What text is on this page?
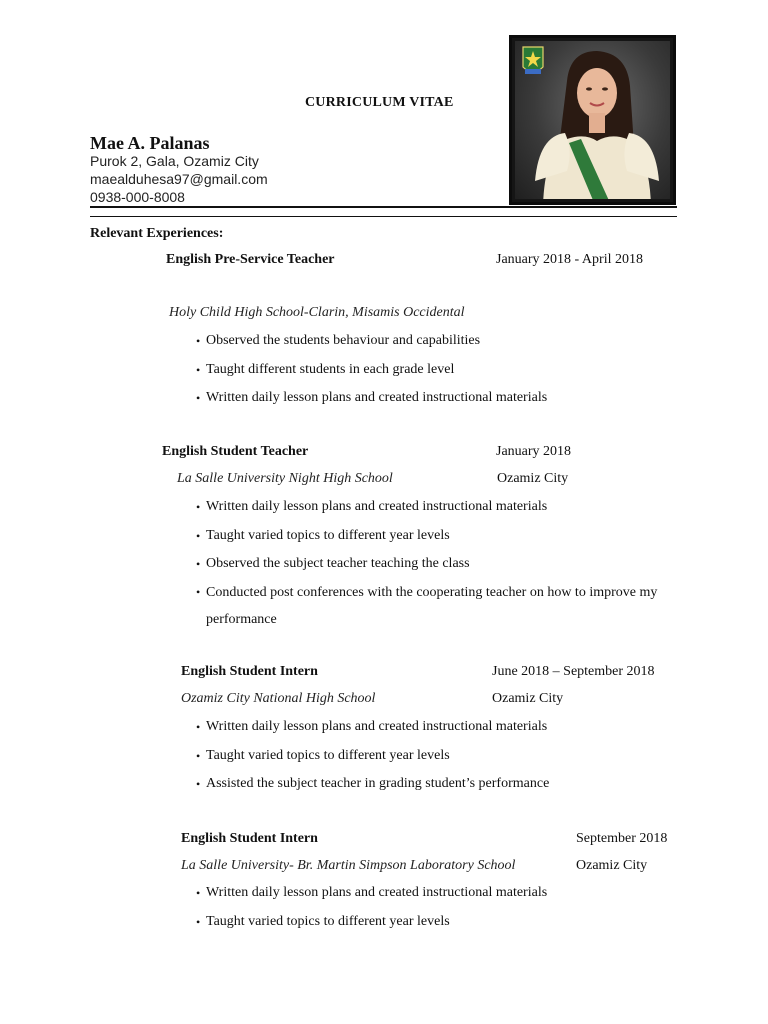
CURRICULUM VITAE
Mae A. Palanas
Purok 2, Gala, Ozamiz City
maealduhesa97@gmail.com
0938-000-8008
Relevant Experiences:
English Pre-Service Teacher	January 2018 - April 2018
Holy Child High School-Clarin, Misamis Occidental
• Observed the students behaviour and capabilities
• Taught different students in each grade level
• Written daily lesson plans and created instructional materials
English Student Teacher	January 2018
La Salle University Night High School	Ozamiz City
• Written daily lesson plans and created instructional materials
• Taught varied topics to different year levels
• Observed the subject teacher teaching the class
• Conducted post conferences with the cooperating teacher on how to improve my performance
English Student Intern	June 2018 – September 2018
Ozamiz City National High School	Ozamiz City
• Written daily lesson plans and created instructional materials
• Taught varied topics to different year levels
• Assisted the subject teacher in grading student’s performance
English Student Intern	September 2018
La Salle University- Br. Martin Simpson Laboratory School	Ozamiz City
• Written daily lesson plans and created instructional materials
• Taught varied topics to different year levels
